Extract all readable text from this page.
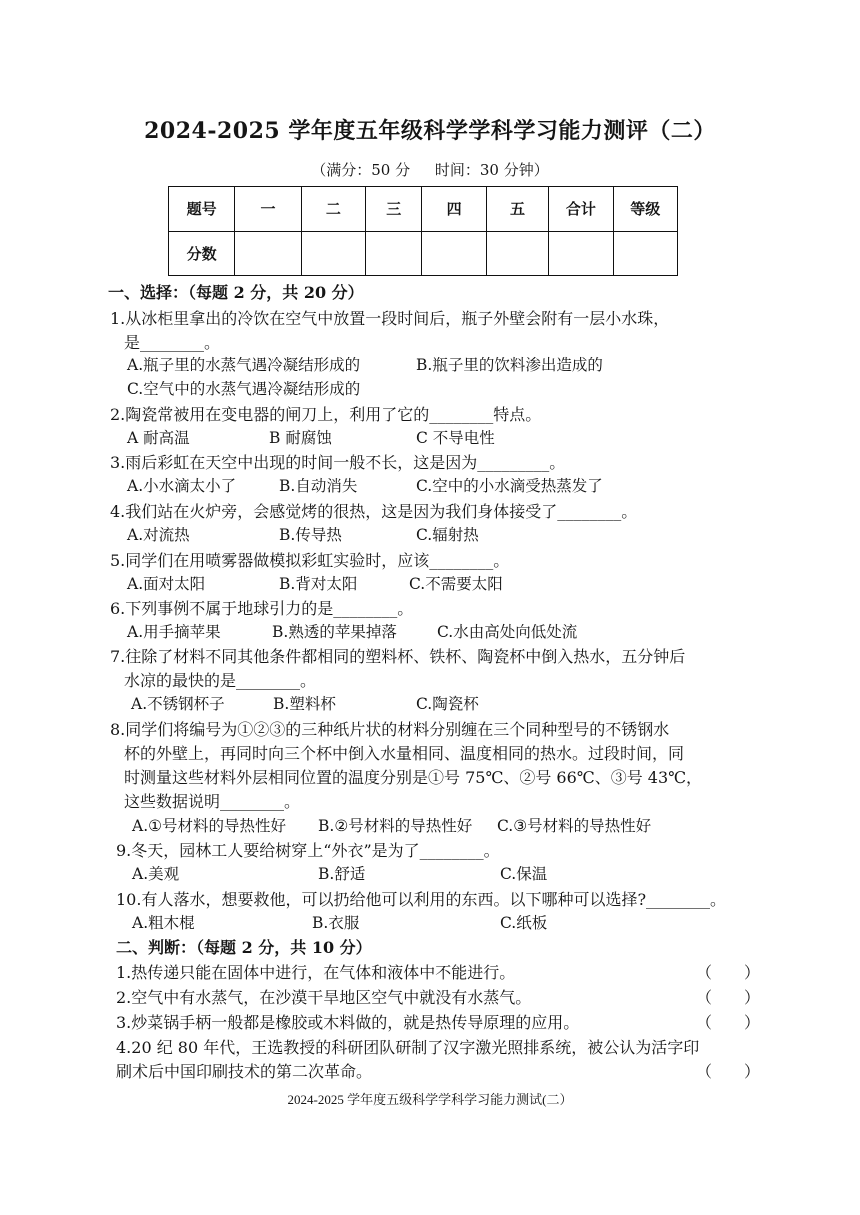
2024-2025 学年度五年级科学学科学习能力测评（二）
（满分：50 分 时间：30 分钟）
题号	一	二	三	四	五	合计	等级
分数							
一、选择：（每题 2 分，共 20 分）
1.从冰柜里拿出的冷饮在空气中放置一段时间后，瓶子外壁会附有一层小水珠，
是________。
A.瓶子里的水蒸气遇冷凝结形成的	B.瓶子里的饮料渗出造成的
C.空气中的水蒸气遇冷凝结形成的
2.陶瓷常被用在变电器的闸刀上，利用了它的________特点。
A 耐高温	B 耐腐蚀	C 不导电性
3.雨后彩虹在天空中出现的时间一般不长，这是因为_________。
A.小水滴太小了	B.自动消失	C.空中的小水滴受热蒸发了
4.我们站在火炉旁，会感觉烤的很热，这是因为我们身体接受了________。
A.对流热	B.传导热	C.辐射热
5.同学们在用喷雾器做模拟彩虹实验时，应该________。
A.面对太阳	B.背对太阳	C.不需要太阳
6.下列事例不属于地球引力的是________。
A.用手摘苹果	B.熟透的苹果掉落	C.水由高处向低处流
7.往除了材料不同其他条件都相同的塑料杯、铁杯、陶瓷杯中倒入热水，五分钟后
水凉的最快的是________。
A.不锈钢杯子	B.塑料杯	C.陶瓷杯
8.同学们将编号为①②③的三种纸片状的材料分别缠在三个同种型号的不锈钢水
杯的外壁上，再同时向三个杯中倒入水量相同、温度相同的热水。过段时间，同
时测量这些材料外层相同位置的温度分别是①号 75℃、②号 66℃、③号 43℃，
这些数据说明________。
A.①号材料的导热性好 B.②号材料的导热性好 C.③号材料的导热性好
9.冬天，园林工人要给树穿上“外衣”是为了________。
A.美观	B.舒适	C.保温
10.有人落水，想要救他，可以扔给他可以利用的东西。以下哪种可以选择?________。
A.粗木棍	B.衣服	C.纸板
二、判断：（每题 2 分，共 10 分）
1.热传递只能在固体中进行，在气体和液体中不能进行。	（　　）
2.空气中有水蒸气，在沙漠干旱地区空气中就没有水蒸气。	（　　）
3.炒菜锅手柄一般都是橡胶或木料做的，就是热传导原理的应用。	（　　）
4.20 纪 80 年代，王选教授的科研团队研制了汉字激光照排系统，被公认为活字印
刷术后中国印刷技术的第二次革命。	（　　）
2024-2025 学年度五级科学学科学习能力测试(二）
